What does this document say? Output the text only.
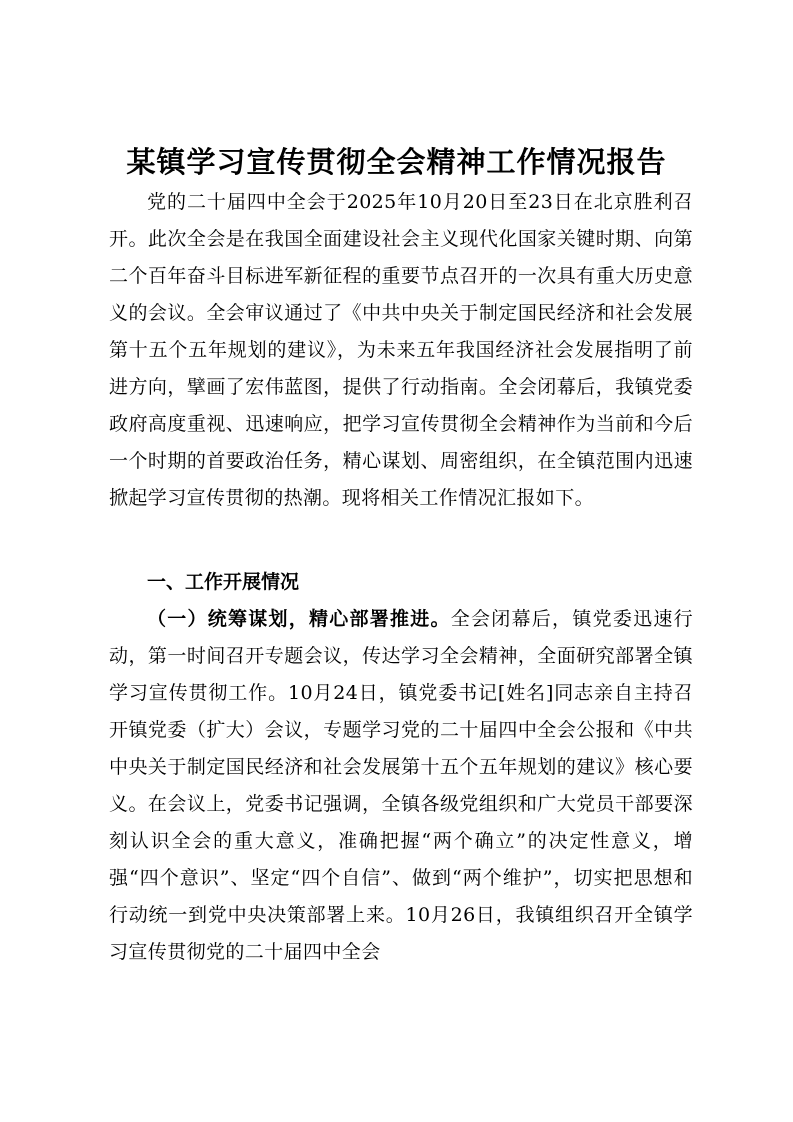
某镇学习宣传贯彻全会精神工作情况报告

党的二十届四中全会于2025年10月20日至23日在北京胜利召开。此次全会是在我国全面建设社会主义现代化国家关键时期、向第二个百年奋斗目标进军新征程的重要节点召开的一次具有重大历史意义的会议。全会审议通过了《中共中央关于制定国民经济和社会发展第十五个五年规划的建议》，为未来五年我国经济社会发展指明了前进方向，擘画了宏伟蓝图，提供了行动指南。全会闭幕后，我镇党委政府高度重视、迅速响应，把学习宣传贯彻全会精神作为当前和今后一个时期的首要政治任务，精心谋划、周密组织，在全镇范围内迅速掀起学习宣传贯彻的热潮。现将相关工作情况汇报如下。

一、工作开展情况

（一）统筹谋划，精心部署推进。全会闭幕后，镇党委迅速行动，第一时间召开专题会议，传达学习全会精神，全面研究部署全镇学习宣传贯彻工作。10月24日，镇党委书记[姓名]同志亲自主持召开镇党委（扩大）会议，专题学习党的二十届四中全会公报和《中共中央关于制定国民经济和社会发展第十五个五年规划的建议》核心要义。在会议上，党委书记强调，全镇各级党组织和广大党员干部要深刻认识全会的重大意义，准确把握“两个确立”的决定性意义，增强“四个意识”、坚定“四个自信”、做到“两个维护”，切实把思想和行动统一到党中央决策部署上来。10月26日，我镇组织召开全镇学习宣传贯彻党的二十届四中全会
